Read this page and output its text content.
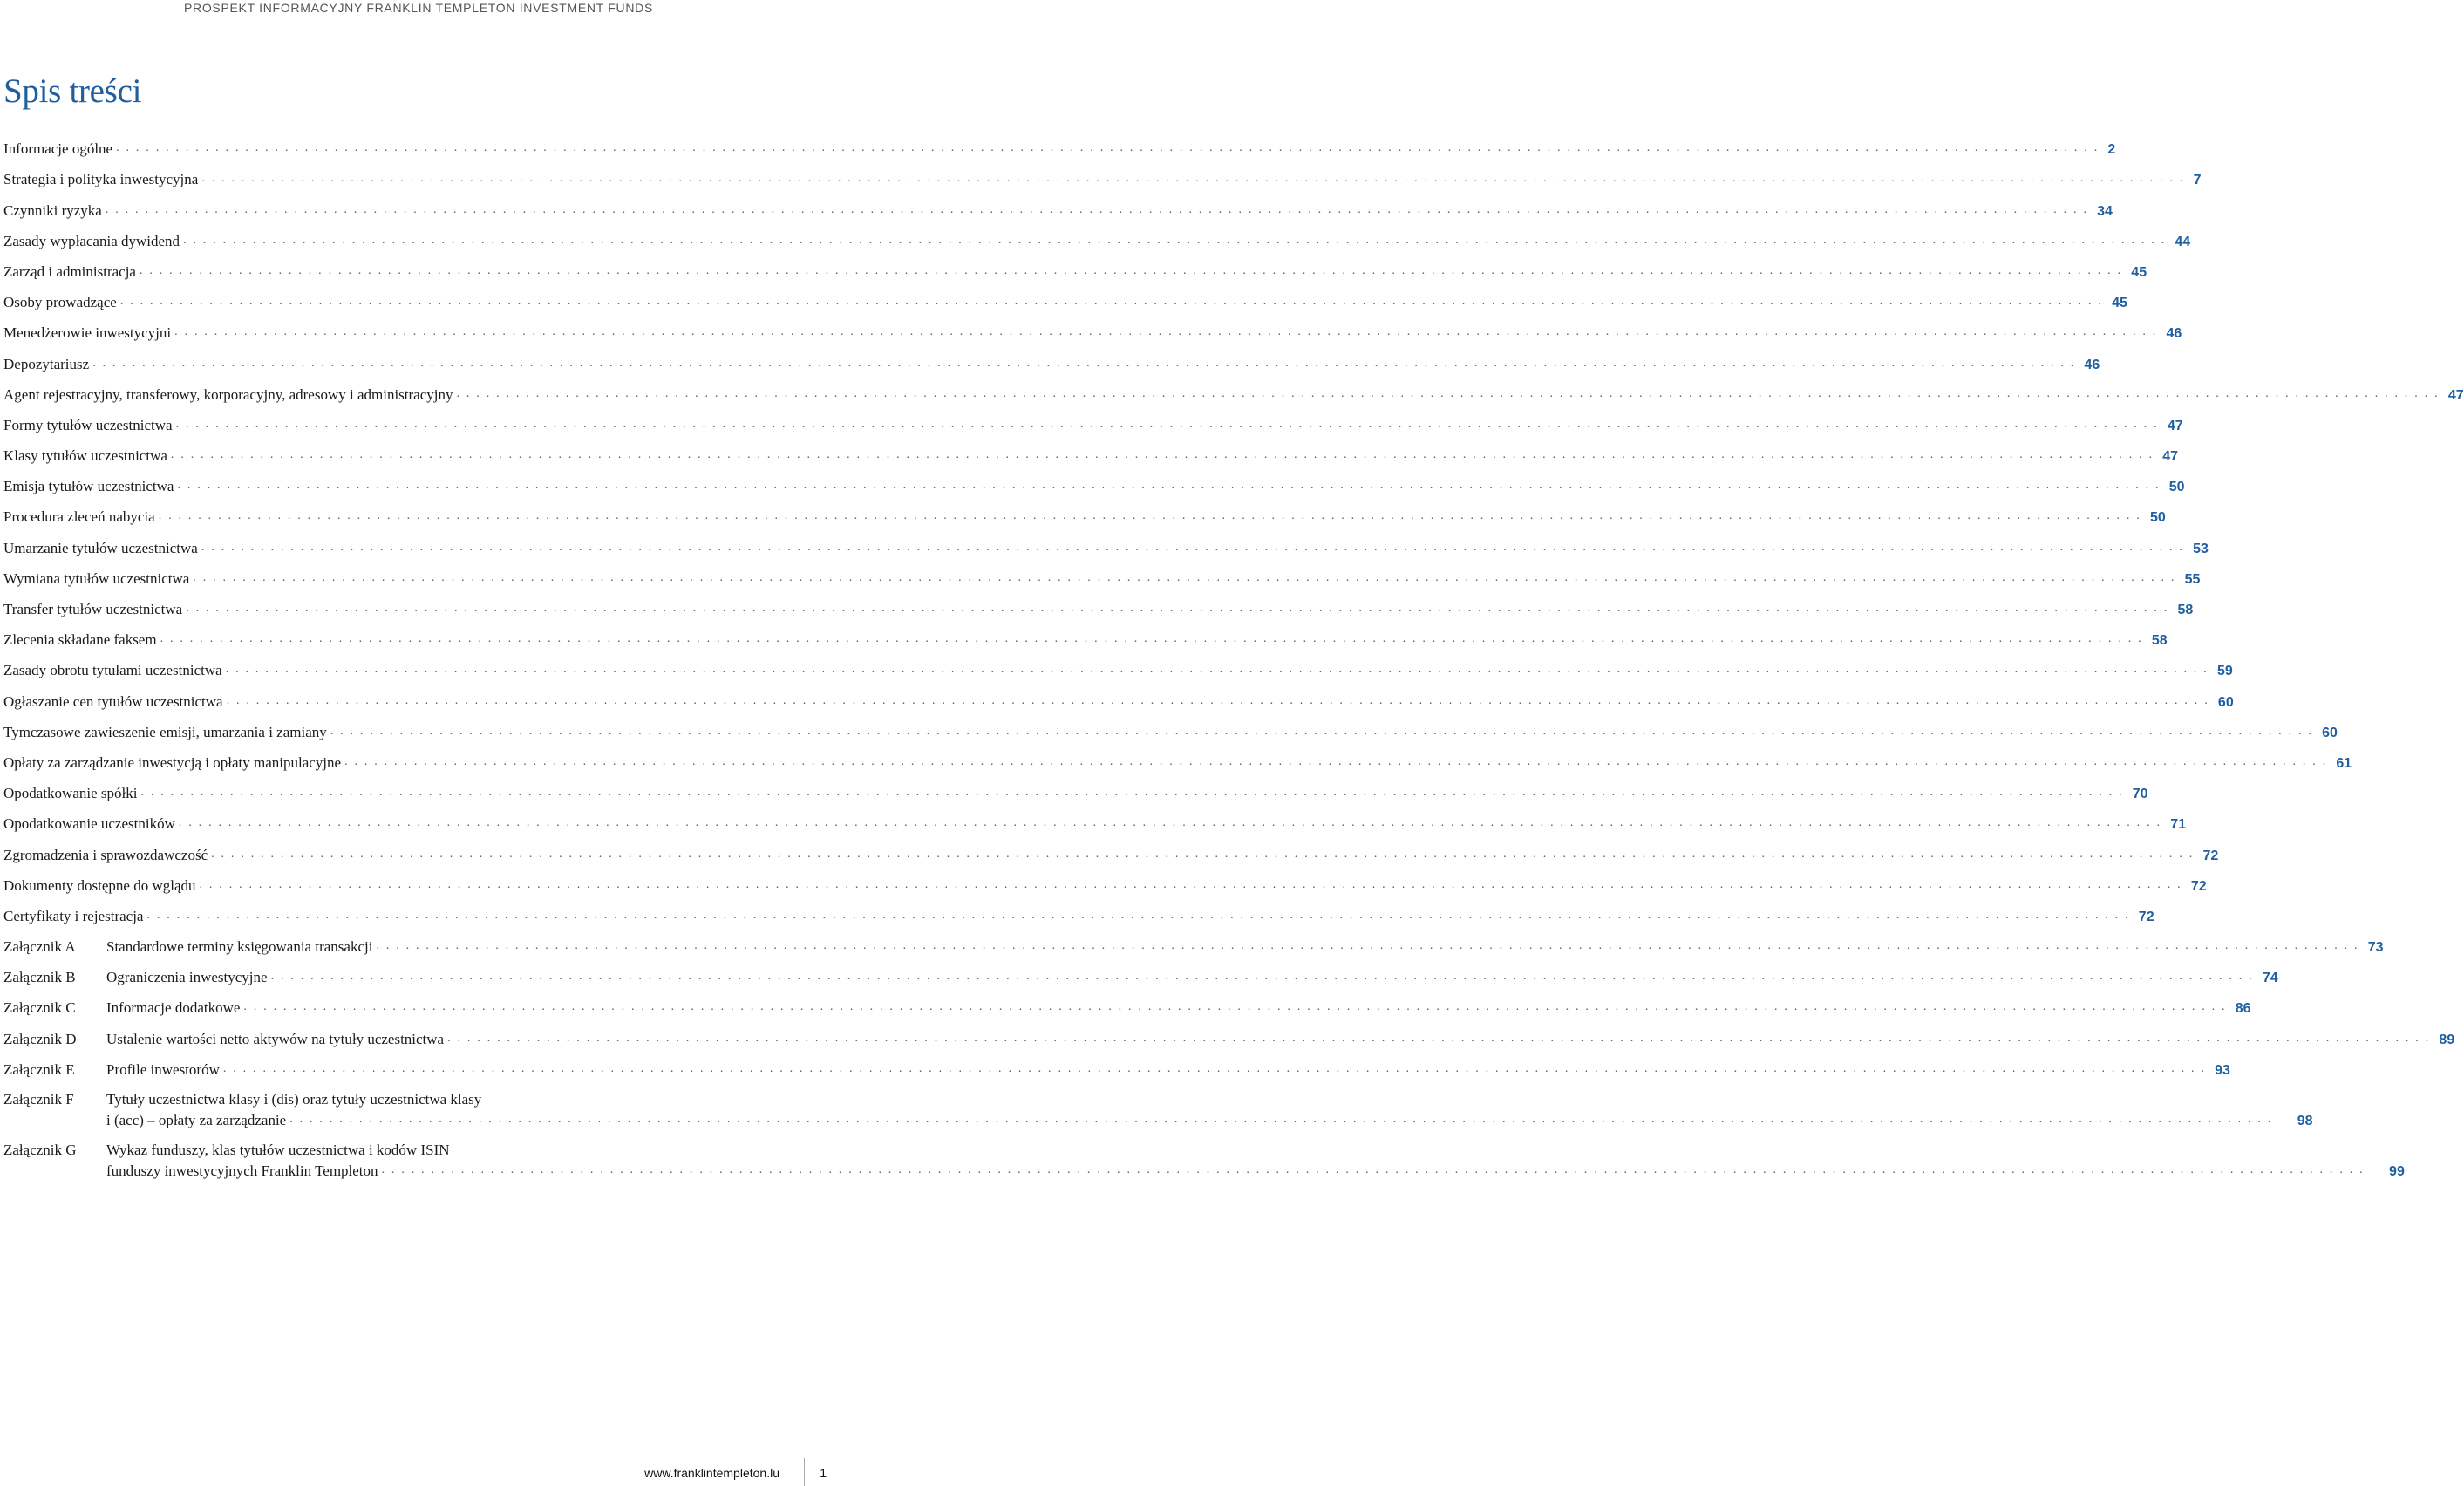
PROSPEKT INFORMACYJNY FRANKLIN TEMPLETON INVESTMENT FUNDS
Spis treści
Informacje ogólne . . . . . . . . . . . . . . . . . . . . . . . . . . . . . . . . . . . . . . . . . . . . . . . . . . . . . . . . . . . . . . . . . . . . . . . . . . . . . . . . . . . . . . . . . . . . . . . . . . . . . . . . . . . . . . . . . . . . . . . . . . . . . . . . . . . . . . . . . . . . . . . . . . . . . . . . . . . . . . . . . . . . . . . . . . . . . . . . . . . . . . . . . . . . . . . . . . . . . . . . 2
Strategia i polityka inwestycyjna . . . . . . . . . . . . . . . . . . . . . . . . . . . . . . . . . . . . . . . . . . . . . . . . . . . . . . . . . . . . . . . . . . . . . . . . . . . . . . . . . . . . . . . . . . . . . . . . . . . . . . . . . . . . . . . . . . . . . . . . . . . . . . . . . . . . . . . . . . . . . . . . . . . . . . . . . . . . . . . . . . . . . . . . . . . . . . . . . . . . . . . . . . . . . . . . . . . . . . . . 7
Czynniki ryzyka . . . . . . . . . . . . . . . . . . . . . . . . . . . . . . . . . . . . . . . . . . . . . . . . . . . . . . . . . . . . . . . . . . . . . . . . . . . . . . . . . . . . . . . . . . . . . . . . . . . . . . . . . . . . . . . . . . . . . . . . . . . . . . . . . . . . . . . . . . . . . . . . . . . . . . . . . . . . . . . . . . . . . . . . . . . . . . . . . . . . . . . . . . . . . . . . . . . . . . . . 34
Zasady wypłacania dywidend . . . . . . . . . . . . . . . . . . . . . . . . . . . . . . . . . . . . . . . . . . . . . . . . . . . . . . . . . . . . . . . . . . . . . . . . . . . . . . . . . . . . . . . . . . . . . . . . . . . . . . . . . . . . . . . . . . . . . . . . . . . . . . . . . . . . . . . . . . . . . . . . . . . . . . . . . . . . . . . . . . . . . . . . . . . . . . . . . . . . . . . . . . . . . . . . . . . . . . . . 44
Zarząd i administracja . . . . . . . . . . . . . . . . . . . . . . . . . . . . . . . . . . . . . . . . . . . . . . . . . . . . . . . . . . . . . . . . . . . . . . . . . . . . . . . . . . . . . . . . . . . . . . . . . . . . . . . . . . . . . . . . . . . . . . . . . . . . . . . . . . . . . . . . . . . . . . . . . . . . . . . . . . . . . . . . . . . . . . . . . . . . . . . . . . . . . . . . . . . . . . . . . . . . . . . . 45
Osoby prowadzące . . . . . . . . . . . . . . . . . . . . . . . . . . . . . . . . . . . . . . . . . . . . . . . . . . . . . . . . . . . . . . . . . . . . . . . . . . . . . . . . . . . . . . . . . . . . . . . . . . . . . . . . . . . . . . . . . . . . . . . . . . . . . . . . . . . . . . . . . . . . . . . . . . . . . . . . . . . . . . . . . . . . . . . . . . . . . . . . . . . . . . . . . . . . . . . . . . . . . . . . 45
Menedżerowie inwestycyjni . . . . . . . . . . . . . . . . . . . . . . . . . . . . . . . . . . . . . . . . . . . . . . . . . . . . . . . . . . . . . . . . . . . . . . . . . . . . . . . . . . . . . . . . . . . . . . . . . . . . . . . . . . . . . . . . . . . . . . . . . . . . . . . . . . . . . . . . . . . . . . . . . . . . . . . . . . . . . . . . . . . . . . . . . . . . . . . . . . . . . . . . . . . . . . . . . . . . . . . . 46
Depozytariusz . . . . . . . . . . . . . . . . . . . . . . . . . . . . . . . . . . . . . . . . . . . . . . . . . . . . . . . . . . . . . . . . . . . . . . . . . . . . . . . . . . . . . . . . . . . . . . . . . . . . . . . . . . . . . . . . . . . . . . . . . . . . . . . . . . . . . . . . . . . . . . . . . . . . . . . . . . . . . . . . . . . . . . . . . . . . . . . . . . . . . . . . . . . . . . . . . . . . . . . . 46
Agent rejestracyjny, transferowy, korporacyjny, adresowy i administracyjny . . . . . . . . . . . . . . . . . . . . . . . . . . . . . . . . . . . . . . . . . . . . . . . . . . . . . . . . . . . . . . . . . . . . . . . . . . . . . . . . . . . . . . . . . . . . . . . . . . . . . . . . . . . . . . . . . . . . . . . . . . . . . . . . . . . . . . . . . . . . . . . . . . . . . . . . . . . . . . . . . . . . . . . . . . . . . . . . . . . . . . . . . . . . . . . . . . . . . . . . 47
Formy tytułów uczestnictwa . . . . . . . . . . . . . . . . . . . . . . . . . . . . . . . . . . . . . . . . . . . . . . . . . . . . . . . . . . . . . . . . . . . . . . . . . . . . . . . . . . . . . . . . . . . . . . . . . . . . . . . . . . . . . . . . . . . . . . . . . . . . . . . . . . . . . . . . . . . . . . . . . . . . . . . . . . . . . . . . . . . . . . . . . . . . . . . . . . . . . . . . . . . . . . . . . . . . . . . . 47
Klasy tytułów uczestnictwa . . . . . . . . . . . . . . . . . . . . . . . . . . . . . . . . . . . . . . . . . . . . . . . . . . . . . . . . . . . . . . . . . . . . . . . . . . . . . . . . . . . . . . . . . . . . . . . . . . . . . . . . . . . . . . . . . . . . . . . . . . . . . . . . . . . . . . . . . . . . . . . . . . . . . . . . . . . . . . . . . . . . . . . . . . . . . . . . . . . . . . . . . . . . . . . . . . . . . . . . 47
Emisja tytułów uczestnictwa . . . . . . . . . . . . . . . . . . . . . . . . . . . . . . . . . . . . . . . . . . . . . . . . . . . . . . . . . . . . . . . . . . . . . . . . . . . . . . . . . . . . . . . . . . . . . . . . . . . . . . . . . . . . . . . . . . . . . . . . . . . . . . . . . . . . . . . . . . . . . . . . . . . . . . . . . . . . . . . . . . . . . . . . . . . . . . . . . . . . . . . . . . . . . . . . . . . . . . . . 50
Procedura zleceń nabycia . . . . . . . . . . . . . . . . . . . . . . . . . . . . . . . . . . . . . . . . . . . . . . . . . . . . . . . . . . . . . . . . . . . . . . . . . . . . . . . . . . . . . . . . . . . . . . . . . . . . . . . . . . . . . . . . . . . . . . . . . . . . . . . . . . . . . . . . . . . . . . . . . . . . . . . . . . . . . . . . . . . . . . . . . . . . . . . . . . . . . . . . . . . . . . . . . . . . . . . . 50
Umarzanie tytułów uczestnictwa . . . . . . . . . . . . . . . . . . . . . . . . . . . . . . . . . . . . . . . . . . . . . . . . . . . . . . . . . . . . . . . . . . . . . . . . . . . . . . . . . . . . . . . . . . . . . . . . . . . . . . . . . . . . . . . . . . . . . . . . . . . . . . . . . . . . . . . . . . . . . . . . . . . . . . . . . . . . . . . . . . . . . . . . . . . . . . . . . . . . . . . . . . . . . . . . . . . . . . . . 53
Wymiana tytułów uczestnictwa . . . . . . . . . . . . . . . . . . . . . . . . . . . . . . . . . . . . . . . . . . . . . . . . . . . . . . . . . . . . . . . . . . . . . . . . . . . . . . . . . . . . . . . . . . . . . . . . . . . . . . . . . . . . . . . . . . . . . . . . . . . . . . . . . . . . . . . . . . . . . . . . . . . . . . . . . . . . . . . . . . . . . . . . . . . . . . . . . . . . . . . . . . . . . . . . . . . . . . . . 55
Transfer tytułów uczestnictwa . . . . . . . . . . . . . . . . . . . . . . . . . . . . . . . . . . . . . . . . . . . . . . . . . . . . . . . . . . . . . . . . . . . . . . . . . . . . . . . . . . . . . . . . . . . . . . . . . . . . . . . . . . . . . . . . . . . . . . . . . . . . . . . . . . . . . . . . . . . . . . . . . . . . . . . . . . . . . . . . . . . . . . . . . . . . . . . . . . . . . . . . . . . . . . . . . . . . . . . . 58
Zlecenia składane faksem . . . . . . . . . . . . . . . . . . . . . . . . . . . . . . . . . . . . . . . . . . . . . . . . . . . . . . . . . . . . . . . . . . . . . . . . . . . . . . . . . . . . . . . . . . . . . . . . . . . . . . . . . . . . . . . . . . . . . . . . . . . . . . . . . . . . . . . . . . . . . . . . . . . . . . . . . . . . . . . . . . . . . . . . . . . . . . . . . . . . . . . . . . . . . . . . . . . . . . . . 58
Zasady obrotu tytułami uczestnictwa . . . . . . . . . . . . . . . . . . . . . . . . . . . . . . . . . . . . . . . . . . . . . . . . . . . . . . . . . . . . . . . . . . . . . . . . . . . . . . . . . . . . . . . . . . . . . . . . . . . . . . . . . . . . . . . . . . . . . . . . . . . . . . . . . . . . . . . . . . . . . . . . . . . . . . . . . . . . . . . . . . . . . . . . . . . . . . . . . . . . . . . . . . . . . . . . . . . . . . . . 59
Ogłaszanie cen tytułów uczestnictwa . . . . . . . . . . . . . . . . . . . . . . . . . . . . . . . . . . . . . . . . . . . . . . . . . . . . . . . . . . . . . . . . . . . . . . . . . . . . . . . . . . . . . . . . . . . . . . . . . . . . . . . . . . . . . . . . . . . . . . . . . . . . . . . . . . . . . . . . . . . . . . . . . . . . . . . . . . . . . . . . . . . . . . . . . . . . . . . . . . . . . . . . . . . . . . . . . . . . . . . . 60
Tymczasowe zawieszenie emisji, umarzania i zamiany . . . . . . . . . . . . . . . . . . . . . . . . . . . . . . . . . . . . . . . . . . . . . . . . . . . . . . . . . . . . . . . . . . . . . . . . . . . . . . . . . . . . . . . . . . . . . . . . . . . . . . . . . . . . . . . . . . . . . . . . . . . . . . . . . . . . . . . . . . . . . . . . . . . . . . . . . . . . . . . . . . . . . . . . . . . . . . . . . . . . . . . . . . . . . . . . . . . . . . . . 60
Opłaty za zarządzanie inwestycją i opłaty manipulacyjne . . . . . . . . . . . . . . . . . . . . . . . . . . . . . . . . . . . . . . . . . . . . . . . . . . . . . . . . . . . . . . . . . . . . . . . . . . . . . . . . . . . . . . . . . . . . . . . . . . . . . . . . . . . . . . . . . . . . . . . . . . . . . . . . . . . . . . . . . . . . . . . . . . . . . . . . . . . . . . . . . . . . . . . . . . . . . . . . . . . . . . . . . . . . . . . . . . . . . . . . 61
Opodatkowanie spółki . . . . . . . . . . . . . . . . . . . . . . . . . . . . . . . . . . . . . . . . . . . . . . . . . . . . . . . . . . . . . . . . . . . . . . . . . . . . . . . . . . . . . . . . . . . . . . . . . . . . . . . . . . . . . . . . . . . . . . . . . . . . . . . . . . . . . . . . . . . . . . . . . . . . . . . . . . . . . . . . . . . . . . . . . . . . . . . . . . . . . . . . . . . . . . . . . . . . . . . . 70
Opodatkowanie uczestników . . . . . . . . . . . . . . . . . . . . . . . . . . . . . . . . . . . . . . . . . . . . . . . . . . . . . . . . . . . . . . . . . . . . . . . . . . . . . . . . . . . . . . . . . . . . . . . . . . . . . . . . . . . . . . . . . . . . . . . . . . . . . . . . . . . . . . . . . . . . . . . . . . . . . . . . . . . . . . . . . . . . . . . . . . . . . . . . . . . . . . . . . . . . . . . . . . . . . . . . 71
Zgromadzenia i sprawozdawczość . . . . . . . . . . . . . . . . . . . . . . . . . . . . . . . . . . . . . . . . . . . . . . . . . . . . . . . . . . . . . . . . . . . . . . . . . . . . . . . . . . . . . . . . . . . . . . . . . . . . . . . . . . . . . . . . . . . . . . . . . . . . . . . . . . . . . . . . . . . . . . . . . . . . . . . . . . . . . . . . . . . . . . . . . . . . . . . . . . . . . . . . . . . . . . . . . . . . . . . . 72
Dokumenty dostępne do wglądu . . . . . . . . . . . . . . . . . . . . . . . . . . . . . . . . . . . . . . . . . . . . . . . . . . . . . . . . . . . . . . . . . . . . . . . . . . . . . . . . . . . . . . . . . . . . . . . . . . . . . . . . . . . . . . . . . . . . . . . . . . . . . . . . . . . . . . . . . . . . . . . . . . . . . . . . . . . . . . . . . . . . . . . . . . . . . . . . . . . . . . . . . . . . . . . . . . . . . . . . 72
Certyfikaty i rejestracja . . . . . . . . . . . . . . . . . . . . . . . . . . . . . . . . . . . . . . . . . . . . . . . . . . . . . . . . . . . . . . . . . . . . . . . . . . . . . . . . . . . . . . . . . . . . . . . . . . . . . . . . . . . . . . . . . . . . . . . . . . . . . . . . . . . . . . . . . . . . . . . . . . . . . . . . . . . . . . . . . . . . . . . . . . . . . . . . . . . . . . . . . . . . . . . . . . . . . . . . 72
Załącznik A	Standardowe terminy księgowania transakcji . . . . . . . . . . . . . . . . . . . . . . . . . . . . . . . . . . . . . . . . . . . . . . . . . . . . . . . . . . . . . . . . . . . . . . . . . . . . . . . . . . . . . . . . . . . . . . . . . . . . . . . . . . . . . . . . . . . . . . . . . . . . . . . . . . . . . . . . . . . . . . . . . . . . . . . . . . . . . . . . . . . . . . . . . . . . . . . . . . . . . . . . . . . . . . . . . . . . . . . . 73
Załącznik B	Ograniczenia inwestycyjne . . . . . . . . . . . . . . . . . . . . . . . . . . . . . . . . . . . . . . . . . . . . . . . . . . . . . . . . . . . . . . . . . . . . . . . . . . . . . . . . . . . . . . . . . . . . . . . . . . . . . . . . . . . . . . . . . . . . . . . . . . . . . . . . . . . . . . . . . . . . . . . . . . . . . . . . . . . . . . . . . . . . . . . . . . . . . . . . . . . . . . . . . . . . . . . . . . . . . . . . 74
Załącznik C	Informacje dodatkowe . . . . . . . . . . . . . . . . . . . . . . . . . . . . . . . . . . . . . . . . . . . . . . . . . . . . . . . . . . . . . . . . . . . . . . . . . . . . . . . . . . . . . . . . . . . . . . . . . . . . . . . . . . . . . . . . . . . . . . . . . . . . . . . . . . . . . . . . . . . . . . . . . . . . . . . . . . . . . . . . . . . . . . . . . . . . . . . . . . . . . . . . . . . . . . . . . . . . . . . . 86
Załącznik D	Ustalenie wartości netto aktywów na tytuły uczestnictwa . . . . . . . . . . . . . . . . . . . . . . . . . . . . . . . . . . . . . . . . . . . . . . . . . . . . . . . . . . . . . . . . . . . . . . . . . . . . . . . . . . . . . . . . . . . . . . . . . . . . . . . . . . . . . . . . . . . . . . . . . . . . . . . . . . . . . . . . . . . . . . . . . . . . . . . . . . . . . . . . . . . . . . . . . . . . . . . . . . . . . . . . . . . . . . . . . . . . . . . . 89
Załącznik E	Profile inwestorów . . . . . . . . . . . . . . . . . . . . . . . . . . . . . . . . . . . . . . . . . . . . . . . . . . . . . . . . . . . . . . . . . . . . . . . . . . . . . . . . . . . . . . . . . . . . . . . . . . . . . . . . . . . . . . . . . . . . . . . . . . . . . . . . . . . . . . . . . . . . . . . . . . . . . . . . . . . . . . . . . . . . . . . . . . . . . . . . . . . . . . . . . . . . . . . . . . . . . . . . 93
Załącznik F	Tytuły uczestnictwa klasy i (dis) oraz tytuły uczestnictwa klasy
i (acc) – opłaty za zarządzanie . . . . . . . . . . . . . . . . . . . . . . . . . . . . . . . . . . . . . . . . . . . . . . . . . . . . . . . . . . . . . . . . . . . . . . . . . . . . . . . . . . . . . . . . . . . . . . . . . . . . . . . . . . . . . . . . . . . . . . . . . . . . . . . . . . . . . . . . . . . . . . . . . . . . . . . . . . . . . . . . . . . . . . . . . . . . . . . . . . . . . . . . . . . . . . . . . . . . . . . .	98
Załącznik G	Wykaz funduszy, klas tytułów uczestnictwa i kodów ISIN
funduszy inwestycyjnych Franklin Templeton . . . . . . . . . . . . . . . . . . . . . . . . . . . . . . . . . . . . . . . . . . . . . . . . . . . . . . . . . . . . . . . . . . . . . . . . . . . . . . . . . . . . . . . . . . . . . . . . . . . . . . . . . . . . . . . . . . . . . . . . . . . . . . . . . . . . . . . . . . . . . . . . . . . . . . . . . . . . . . . . . . . . . . . . . . . . . . . . . . . . . . . . . . . . . . . . . . . . . . . .	99
www.franklintempleton.lu	1
